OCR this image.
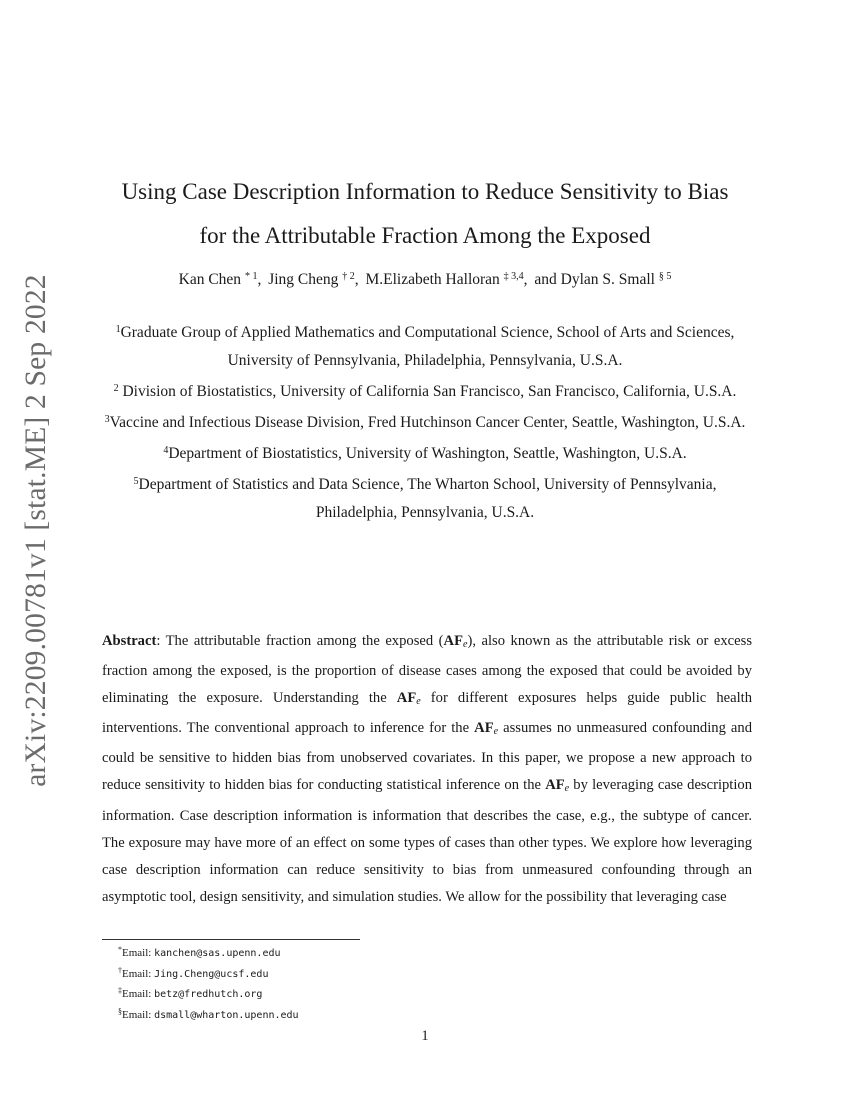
arXiv:2209.00781v1 [stat.ME] 2 Sep 2022
Using Case Description Information to Reduce Sensitivity to Bias
for the Attributable Fraction Among the Exposed
Kan Chen $^{* 1}$, Jing Cheng $^{\dagger 2}$, M.Elizabeth Halloran $^{\ddagger 3,4}$, and Dylan S. Small $^{\S 5}$
$^1$Graduate Group of Applied Mathematics and Computational Science, School of Arts and Sciences, University of Pennsylvania, Philadelphia, Pennsylvania, U.S.A.
$^2$ Division of Biostatistics, University of California San Francisco, San Francisco, California, U.S.A.
$^3$Vaccine and Infectious Disease Division, Fred Hutchinson Cancer Center, Seattle, Washington, U.S.A.
$^4$Department of Biostatistics, University of Washington, Seattle, Washington, U.S.A.
$^5$Department of Statistics and Data Science, The Wharton School, University of Pennsylvania, Philadelphia, Pennsylvania, U.S.A.
Abstract: The attributable fraction among the exposed $(AF_e)$, also known as the attributable risk or excess fraction among the exposed, is the proportion of disease cases among the exposed that could be avoided by eliminating the exposure. Understanding the $AF_e$ for different exposures helps guide public health interventions. The conventional approach to inference for the $AF_e$ assumes no unmeasured confounding and could be sensitive to hidden bias from unobserved covariates. In this paper, we propose a new approach to reduce sensitivity to hidden bias for conducting statistical inference on the $AF_e$ by leveraging case description information. Case description information is information that describes the case, e.g., the subtype of cancer. The exposure may have more of an effect on some types of cases than other types. We explore how leveraging case description information can reduce sensitivity to bias from unmeasured confounding through an asymptotic tool, design sensitivity, and simulation studies. We allow for the possibility that leveraging case
*Email: kanchen@sas.upenn.edu
†Email: Jing.Cheng@ucsf.edu
‡Email: betz@fredhutch.org
§Email: dsmall@wharton.upenn.edu
1
